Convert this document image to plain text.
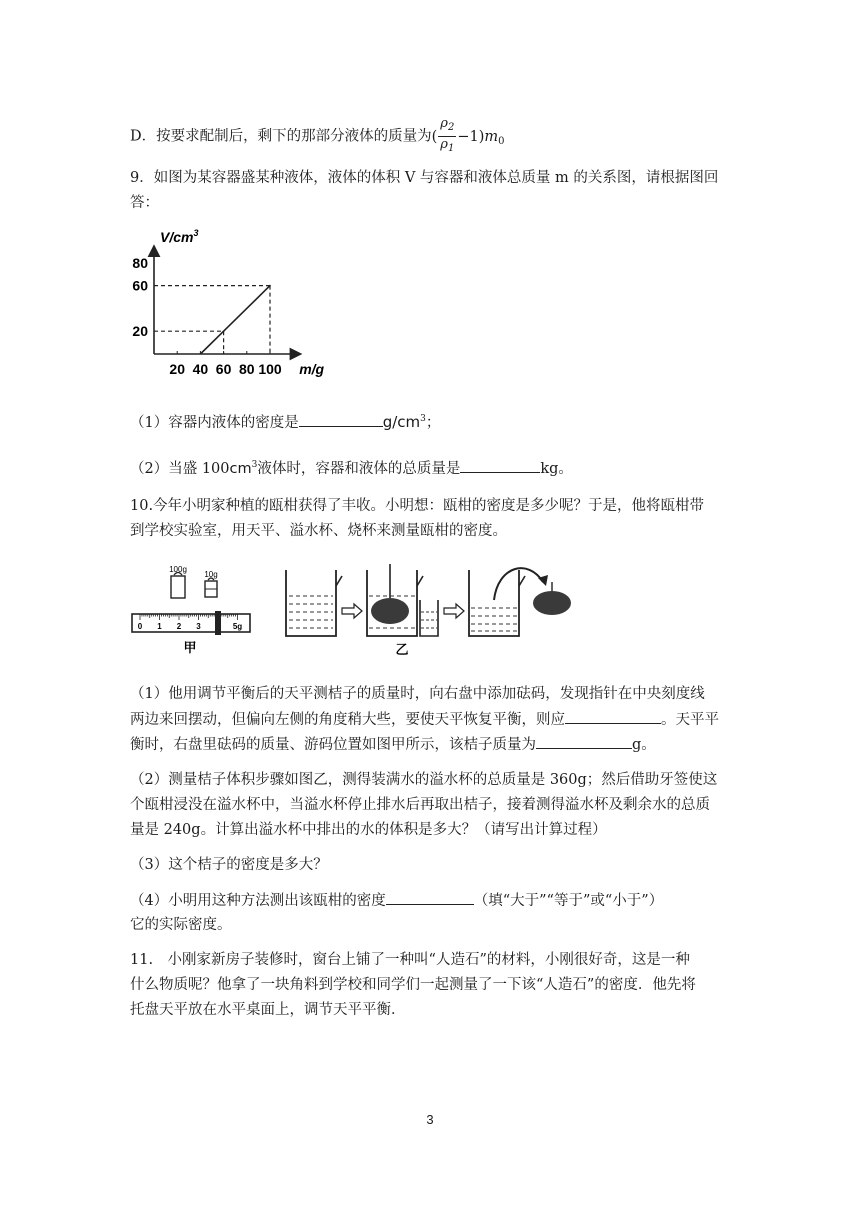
D．按要求配制后，剩下的那部分液体的质量为( $\frac{\rho_2}{\rho_1} -1)m_0$
9．如图为某容器盛某种液体，液体的体积 V 与容器和液体总质量 m 的关系图，请根据图回
答：
$V/cm^3$
m/g
20 40 60 80 100
20
60
80
（1）容器内液体的密度是	$g/cm^3$；
（2）当盛 $100cm^3$液体时，容器和液体的总质量是	kg。
10.今年小明家种植的瓯柑获得了丰收。小明想：瓯柑的密度是多少呢？于是，他将瓯柑带
到学校实验室，用天平、溢水杯、烧杯来测量瓯柑的密度。
100g
10g
0 1 2 3	5g
甲	乙
（1）他用调节平衡后的天平测桔子的质量时，向右盘中添加砝码，发现指针在中央刻度线
两边来回摆动，但偏向左侧的角度稍大些，要使天平恢复平衡，则应	。天平平
衡时，右盘里砝码的质量、游码位置如图甲所示，该桔子质量为	g。
（2）测量桔子体积步骤如图乙，测得装满水的溢水杯的总质量是 360g；然后借助牙签使这
个瓯柑浸没在溢水杯中，当溢水杯停止排水后再取出桔子，接着测得溢水杯及剩余水的总质
量是 240g。计算出溢水杯中排出的水的体积是多大？（请写出计算过程）
（3）这个桔子的密度是多大？
（4）小明用这种方法测出该瓯柑的密度	（填“大于”“等于”或“小于”）
它的实际密度。
11.　小刚家新房子装修时，窗台上铺了一种叫“人造石”的材料，小刚很好奇，这是一种
什么物质呢？他拿了一块角料到学校和同学们一起测量了一下该“人造石”的密度．他先将
托盘天平放在水平桌面上，调节天平平衡．
3
